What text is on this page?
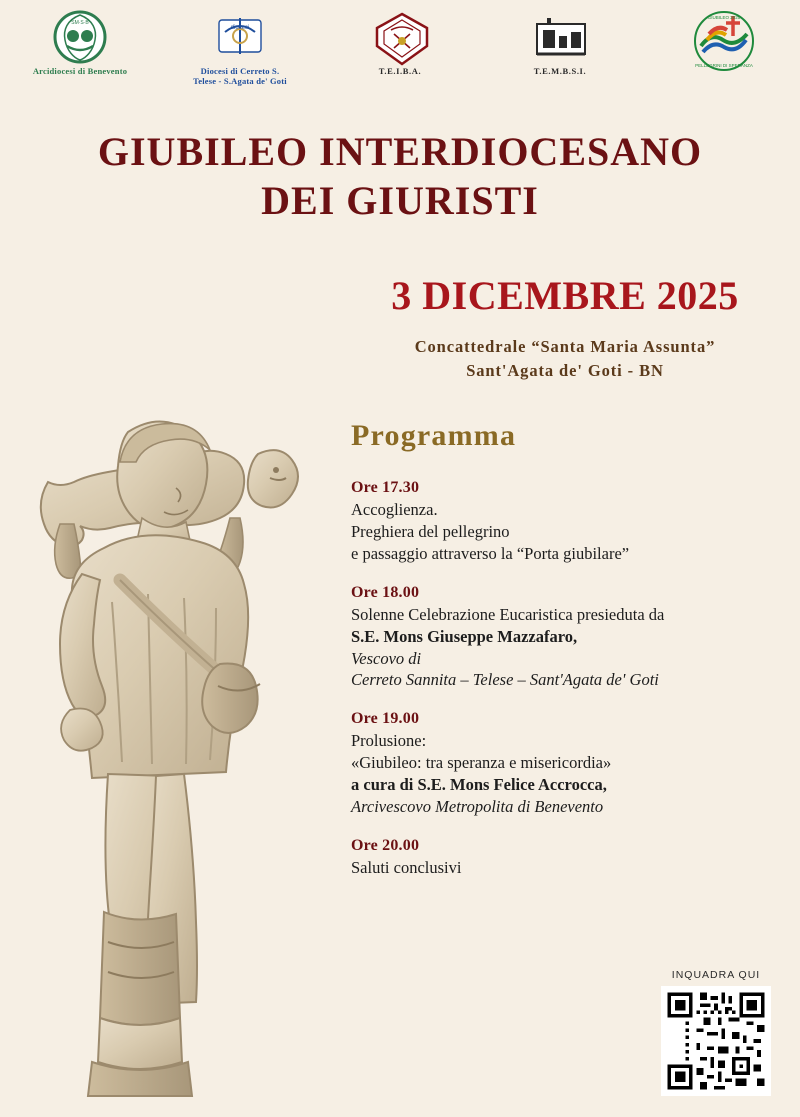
SM·S·B
Arcidiocesi di Benevento
diocesi
Diocesi di Cerreto S.
Telese - S.Agata de' Goti
T.E.I.B.A.	T.E.M.B.S.I.
GIUBILEO 2025
PELLEGRINI DI SPERANZA
GIUBILEO INTERDIOCESANO
DEI GIURISTI
3 DICEMBRE 2025
Concattedrale “Santa Maria Assunta”
Sant'Agata de' Goti - BN
Programma
Ore 17.30
Accoglienza.
Preghiera del pellegrino
e passaggio attraverso la “Porta giubilare”
Ore 18.00
Solenne Celebrazione Eucaristica presieduta da
S.E. Mons Giuseppe Mazzafaro,
Vescovo di
Cerreto Sannita – Telese – Sant'Agata de' Goti
Ore 19.00
Prolusione:
«Giubileo: tra speranza e misericordia»
a cura di S.E. Mons Felice Accrocca,
Arcivescovo Metropolita di Benevento
Ore 20.00
Saluti conclusivi
INQUADRA QUI
